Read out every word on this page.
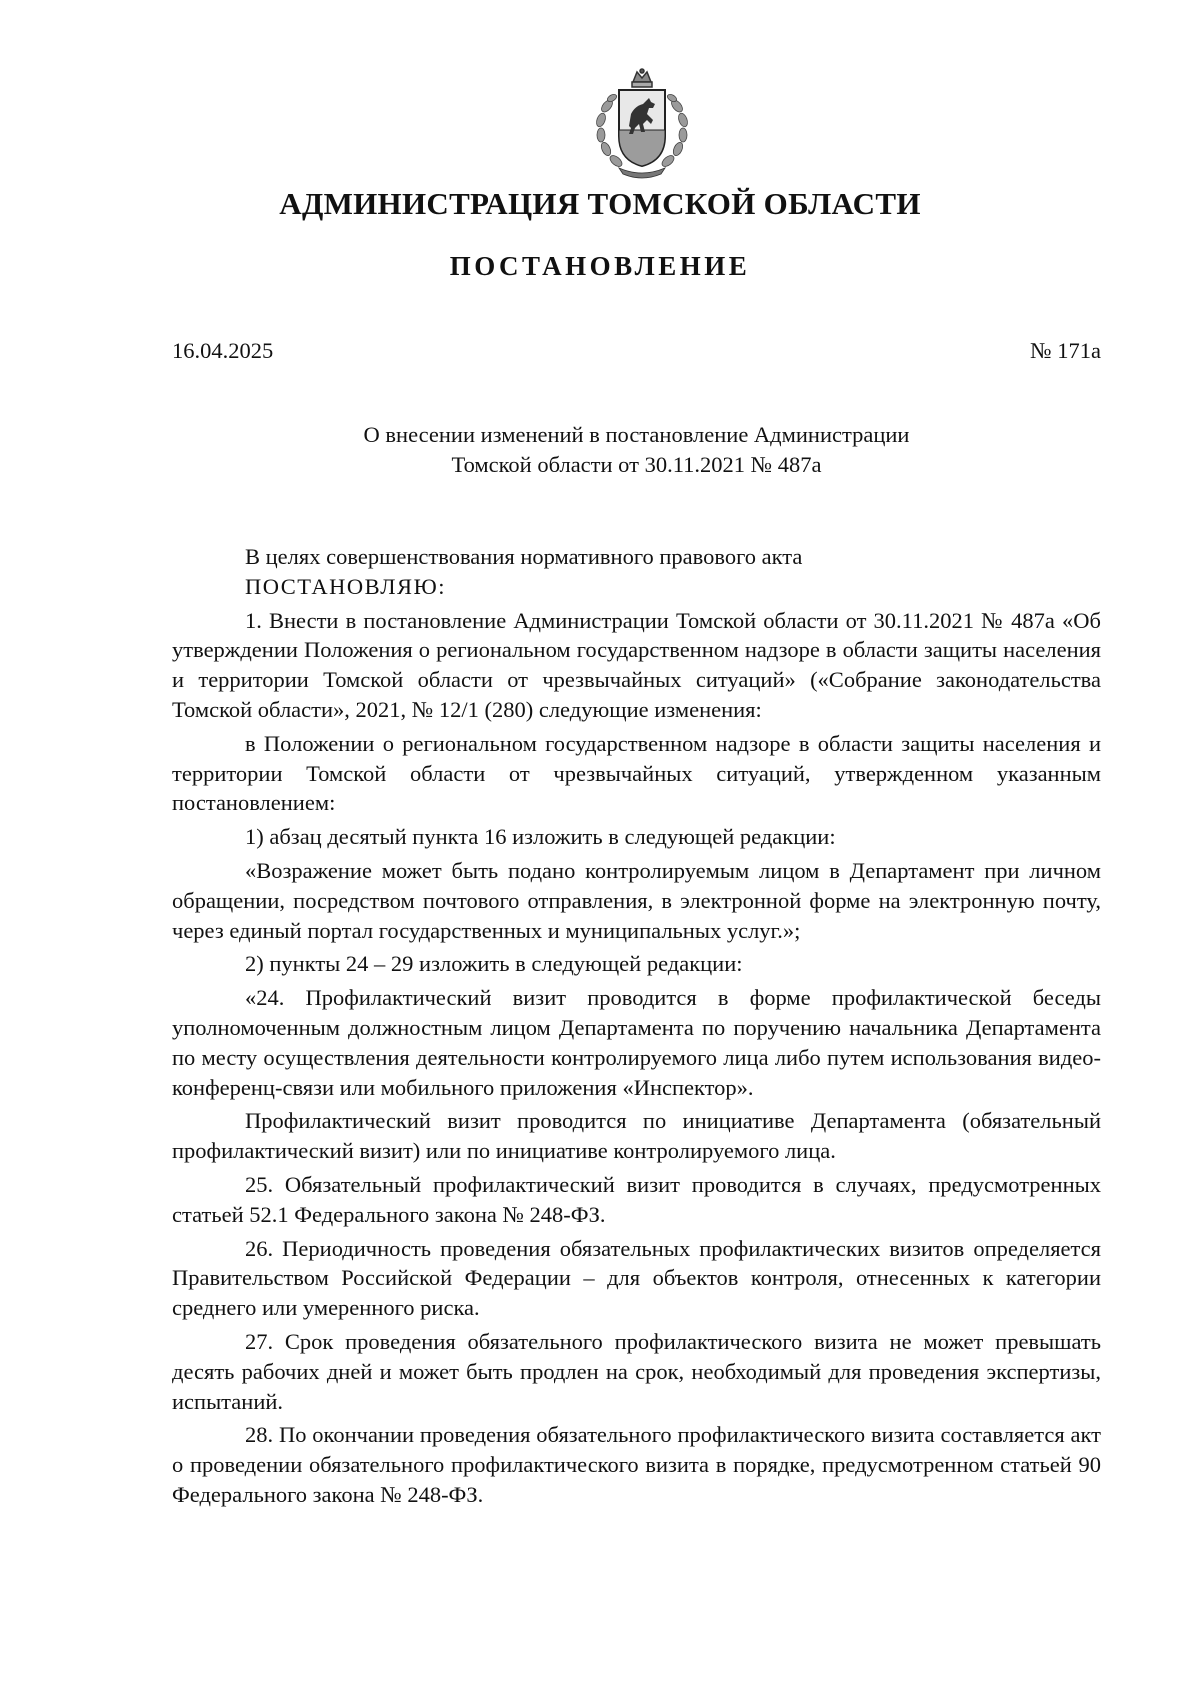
АДМИНИСТРАЦИЯ ТОМСКОЙ ОБЛАСТИ
ПОСТАНОВЛЕНИЕ
16.04.2025	№ 171а
О внесении изменений в постановление Администрации
Томской области от 30.11.2021 № 487а

В целях совершенствования нормативного правового акта

ПОСТАНОВЛЯЮ:

1. Внести в постановление Администрации Томской области от 30.11.2021 № 487а «Об утверждении Положения о региональном государственном надзоре в области защиты населения и территории Томской области от чрезвычайных ситуаций» («Собрание законодательства Томской области», 2021, № 12/1 (280) следующие изменения:

в Положении о региональном государственном надзоре в области защиты населения и территории Томской области от чрезвычайных ситуаций, утвержденном указанным постановлением:

1) абзац десятый пункта 16 изложить в следующей редакции:

«Возражение может быть подано контролируемым лицом в Департамент при личном обращении, посредством почтового отправления, в электронной форме на электронную почту, через единый портал государственных и муниципальных услуг.»;

2) пункты 24 – 29 изложить в следующей редакции:

«24. Профилактический визит проводится в форме профилактической беседы уполномоченным должностным лицом Департамента по поручению начальника Департамента по месту осуществления деятельности контролируемого лица либо путем использования видео-конференц-связи или мобильного приложения «Инспектор».

Профилактический визит проводится по инициативе Департамента (обязательный профилактический визит) или по инициативе контролируемого лица.

25. Обязательный профилактический визит проводится в случаях, предусмотренных статьей 52.1 Федерального закона № 248-ФЗ.

26. Периодичность проведения обязательных профилактических визитов определяется Правительством Российской Федерации – для объектов контроля, отнесенных к категории среднего или умеренного риска.

27. Срок проведения обязательного профилактического визита не может превышать десять рабочих дней и может быть продлен на срок, необходимый для проведения экспертизы, испытаний.

28. По окончании проведения обязательного профилактического визита составляется акт о проведении обязательного профилактического визита в порядке, предусмотренном статьей 90 Федерального закона № 248-ФЗ.
